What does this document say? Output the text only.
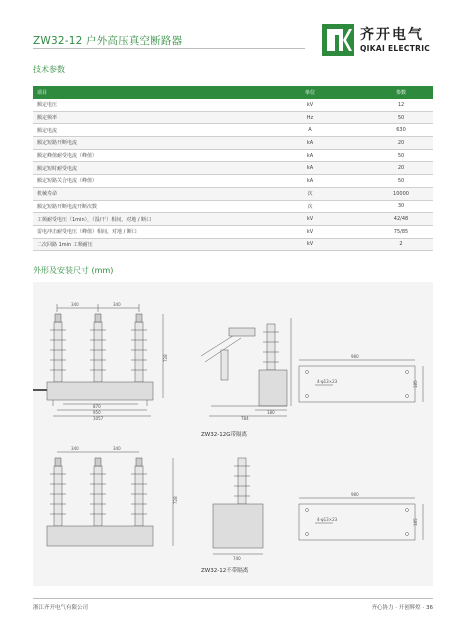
ZW32-12 户外高压真空断路器	齐开电气
QIKAI ELECTRIC
技术参数
项目	单位	参数
额定电压	kV	12
额定频率	Hz	50
额定电流	A	630
额定短路开断电流	kA	20
额定峰值耐受电流（峰值）	kA	50
额定短时耐受电流	kA	20
额定短路关合电流（峰值）	kA	50
机械寿命	次	10000
额定短路开断电流开断次数	次	30
工频耐受电压（1min），（湿/干）相间，对地 / 断口	kV	42/48
雷电冲击耐受电压（峰值）相间，对地 / 断口	kV	75/85
二次回路 1min 工频耐压	kV	2
外形及安装尺寸 (mm)
340	340
870
950
1057	784
180
980
4-φ13×23	185
728
ZW32-12G带隔离
340	340
728
980
4-φ13×23	185
740
ZW32-12不带隔离
浙江齐开电气有限公司	齐心协力 · 开创辉煌 · 36
